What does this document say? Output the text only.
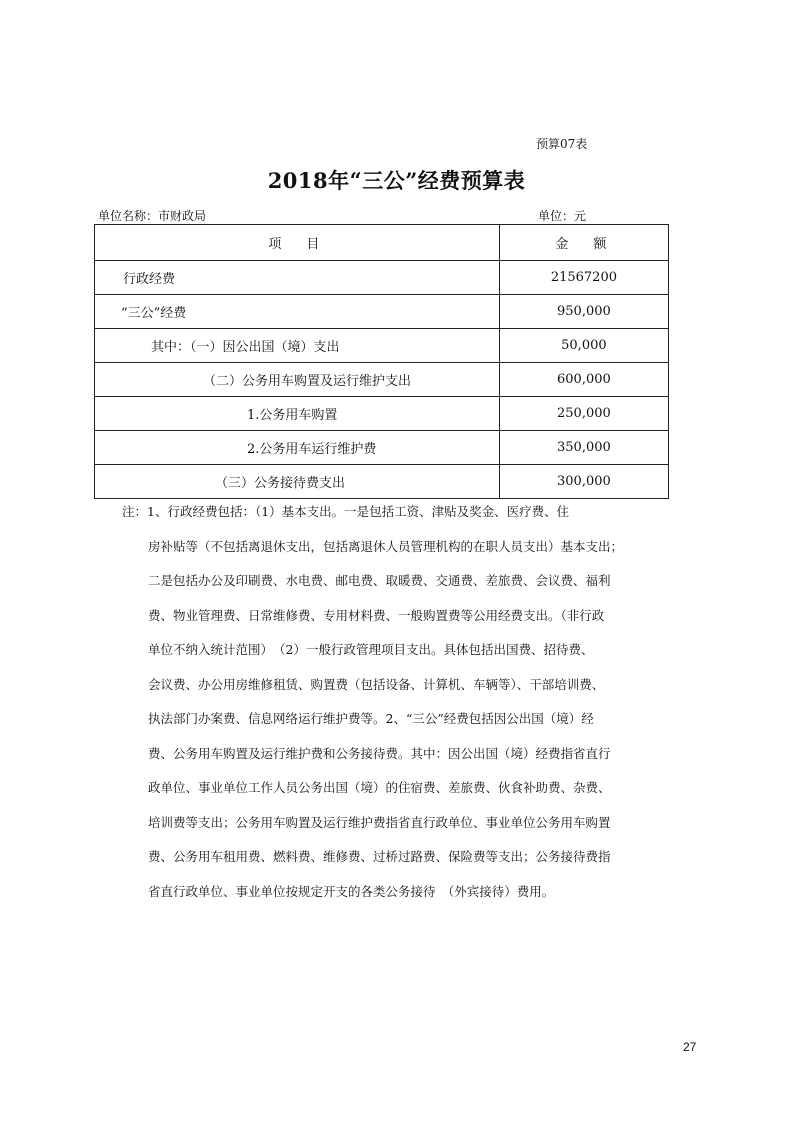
预算07表
2018年“三公”经费预算表
单位名称：市财政局	单位：元
项　目	金　额
行政经费	21567200
“三公”经费	950,000
其中：（一）因公出国（境）支出	50,000
（二）公务用车购置及运行维护支出	600,000
1.公务用车购置	250,000
2.公务用车运行维护费	350,000
（三）公务接待费支出	300,000

注：1、行政经费包括：（1）基本支出。一是包括工资、津贴及奖金、医疗费、住

房补贴等（不包括离退休支出，包括离退休人员管理机构的在职人员支出）基本支出；

二是包括办公及印刷费、水电费、邮电费、取暖费、交通费、差旅费、会议费、福利

费、物业管理费、日常维修费、专用材料费、一般购置费等公用经费支出。（非行政

单位不纳入统计范围）　（2）一般行政管理项目支出。具体包括出国费、招待费、

会议费、办公用房维修租赁、购置费（包括设备、计算机、车辆等）、干部培训费、

执法部门办案费、信息网络运行维护费等。2、“三公”经费包括因公出国（境）经

费、公务用车购置及运行维护费和公务接待费。其中：因公出国（境）经费指省直行

政单位、事业单位工作人员公务出国（境）的住宿费、差旅费、伙食补助费、杂费、

培训费等支出；公务用车购置及运行维护费指省直行政单位、事业单位公务用车购置

费、公务用车租用费、燃料费、维修费、过桥过路费、保险费等支出；公务接待费指

省直行政单位、事业单位按规定开支的各类公务接待　（外宾接待）费用。

27
